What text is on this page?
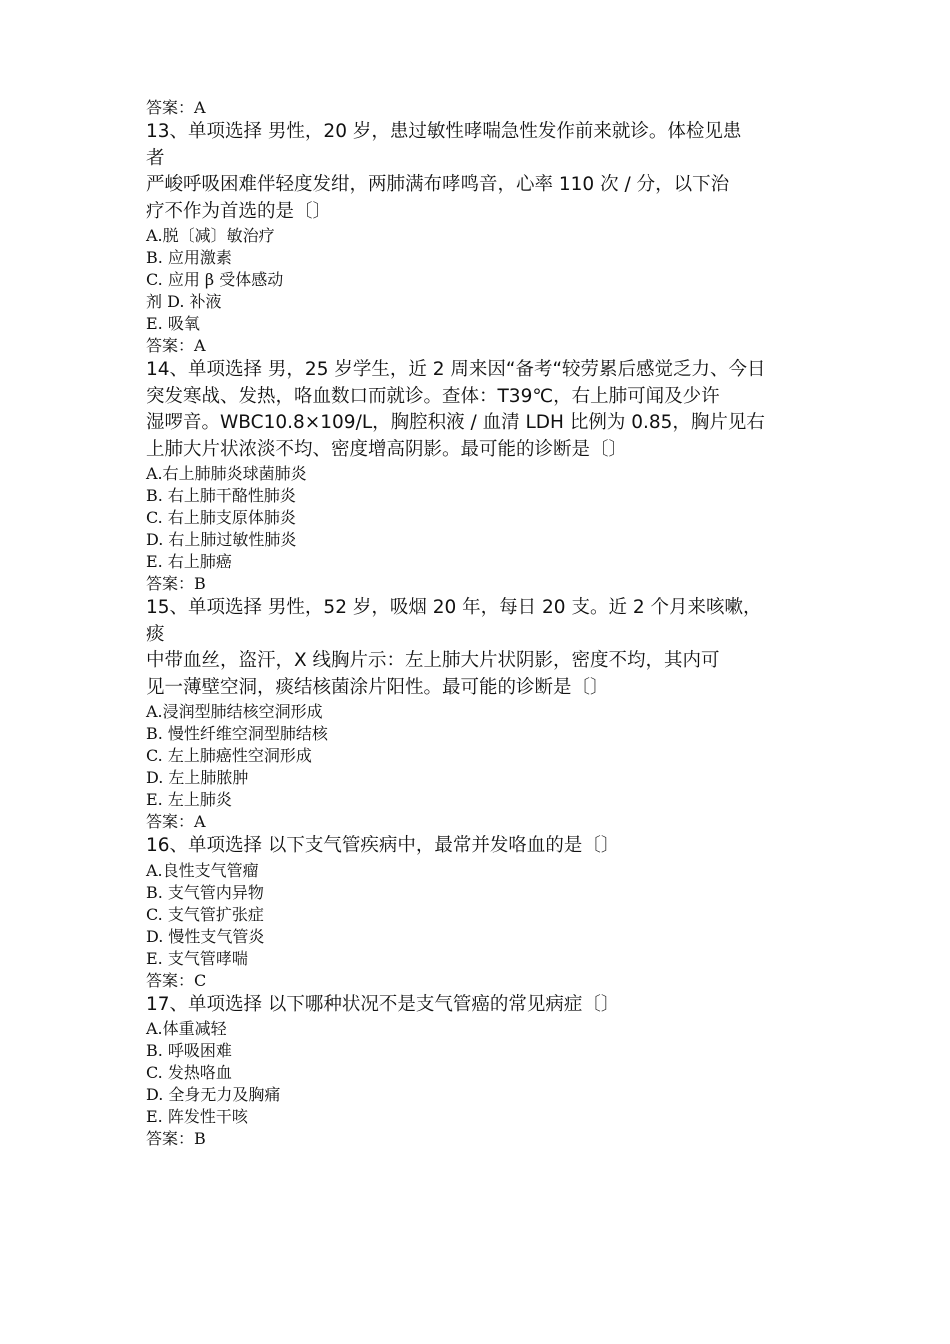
答案：A
13、单项选择 男性，20 岁，患过敏性哮喘急性发作前来就诊。体检见患
者
严峻呼吸困难伴轻度发绀，两肺满布哮鸣音，心率 110 次 / 分，以下治
疗不作为首选的是〔〕
A.脱〔减〕敏治疗
B. 应用激素
C. 应用 β 受体感动
剂 D. 补液
E. 吸氧
答案：A
14、单项选择 男，25 岁学生，近 2 周来因“备考“较劳累后感觉乏力、今日
突发寒战、发热，咯血数口而就诊。查体：T39℃，右上肺可闻及少许
湿啰音。WBC10.8×109/L，胸腔积液 / 血清 LDH 比例为 0.85，胸片见右
上肺大片状浓淡不均、密度增高阴影。最可能的诊断是〔〕
A.右上肺肺炎球菌肺炎
B. 右上肺干酪性肺炎
C. 右上肺支原体肺炎
D. 右上肺过敏性肺炎
E. 右上肺癌
答案：B
15、单项选择 男性，52 岁，吸烟 20 年，每日 20 支。近 2 个月来咳嗽，
痰
中带血丝，盗汗，X 线胸片示：左上肺大片状阴影，密度不均，其内可
见一薄壁空洞，痰结核菌涂片阳性。最可能的诊断是〔〕
A.浸润型肺结核空洞形成
B. 慢性纤维空洞型肺结核
C. 左上肺癌性空洞形成
D. 左上肺脓肿
E. 左上肺炎
答案：A
16、单项选择 以下支气管疾病中，最常并发咯血的是〔〕
A.良性支气管瘤
B. 支气管内异物
C. 支气管扩张症
D. 慢性支气管炎
E. 支气管哮喘
答案：C
17、单项选择 以下哪种状况不是支气管癌的常见病症〔〕
A.体重减轻
B. 呼吸困难
C. 发热咯血
D. 全身无力及胸痛
E. 阵发性干咳
答案：B
